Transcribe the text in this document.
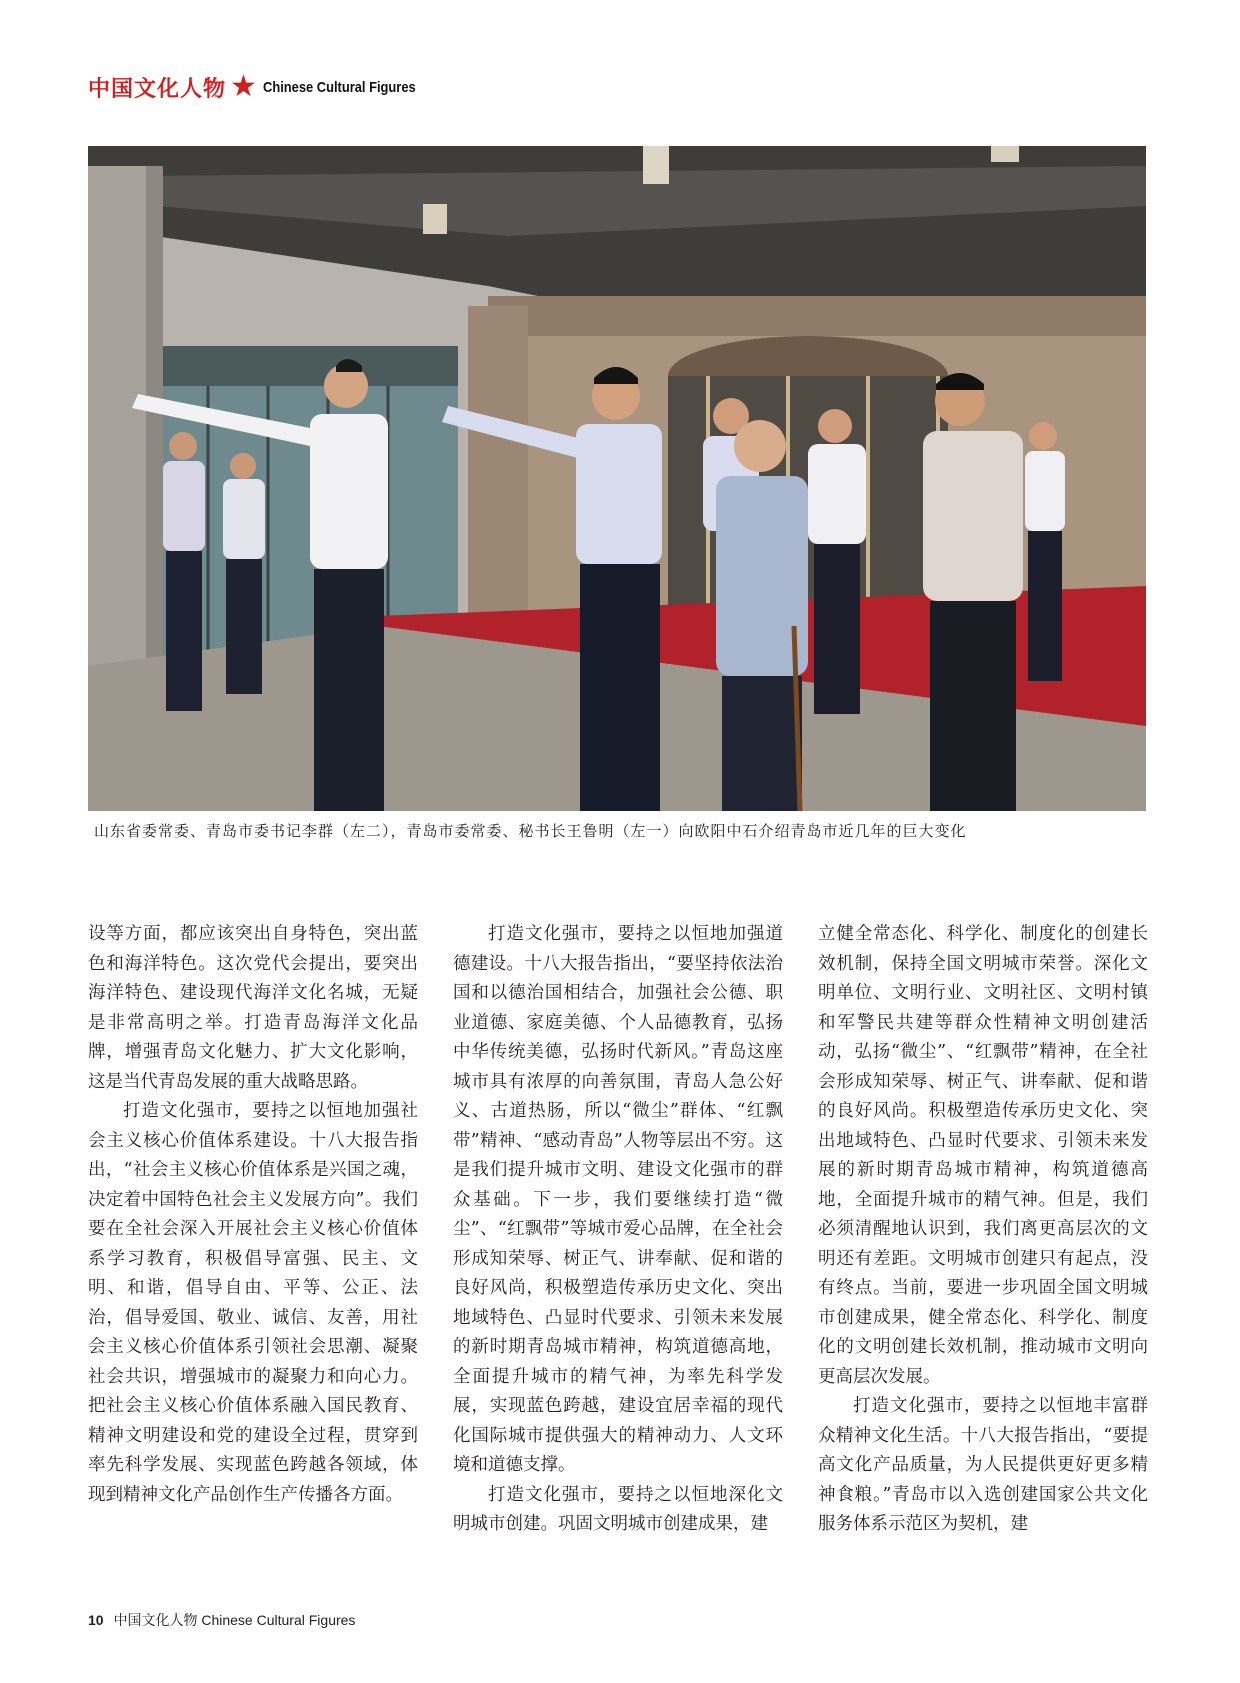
中国文化人物 ★ Chinese Cultural Figures
山东省委常委、青岛市委书记李群（左二），青岛市委常委、秘书长王鲁明（左一）向欧阳中石介绍青岛市近几年的巨大变化

设等方面，都应该突出自身特色，突出蓝色和海洋特色。这次党代会提出，要突出海洋特色、建设现代海洋文化名城，无疑是非常高明之举。打造青岛海洋文化品牌，增强青岛文化魅力、扩大文化影响，这是当代青岛发展的重大战略思路。

打造文化强市，要持之以恒地加强社会主义核心价值体系建设。十八大报告指出，“社会主义核心价值体系是兴国之魂，决定着中国特色社会主义发展方向”。我们要在全社会深入开展社会主义核心价值体系学习教育，积极倡导富强、民主、文明、和谐，倡导自由、平等、公正、法治，倡导爱国、敬业、诚信、友善，用社会主义核心价值体系引领社会思潮、凝聚社会共识，增强城市的凝聚力和向心力。把社会主义核心价值体系融入国民教育、精神文明建设和党的建设全过程，贯穿到率先科学发展、实现蓝色跨越各领域，体现到精神文化产品创作生产传播各方面。

打造文化强市，要持之以恒地加强道德建设。十八大报告指出，“要坚持依法治国和以德治国相结合，加强社会公德、职业道德、家庭美德、个人品德教育，弘扬中华传统美德，弘扬时代新风。”青岛这座城市具有浓厚的向善氛围，青岛人急公好义、古道热肠，所以“微尘”群体、“红飘带”精神、“感动青岛”人物等层出不穷。这是我们提升城市文明、建设文化强市的群众基础。下一步，我们要继续打造“微尘”、“红飘带”等城市爱心品牌，在全社会形成知荣辱、树正气、讲奉献、促和谐的良好风尚，积极塑造传承历史文化、突出地域特色、凸显时代要求、引领未来发展的新时期青岛城市精神，构筑道德高地，全面提升城市的精气神，为率先科学发展，实现蓝色跨越，建设宜居幸福的现代化国际城市提供强大的精神动力、人文环境和道德支撑。

打造文化强市，要持之以恒地深化文明城市创建。巩固文明城市创建成果，建

立健全常态化、科学化、制度化的创建长效机制，保持全国文明城市荣誉。深化文明单位、文明行业、文明社区、文明村镇和军警民共建等群众性精神文明创建活动，弘扬“微尘”、“红飘带”精神，在全社会形成知荣辱、树正气、讲奉献、促和谐的良好风尚。积极塑造传承历史文化、突出地域特色、凸显时代要求、引领未来发展的新时期青岛城市精神，构筑道德高地，全面提升城市的精气神。但是，我们必须清醒地认识到，我们离更高层次的文明还有差距。文明城市创建只有起点，没有终点。当前，要进一步巩固全国文明城市创建成果，健全常态化、科学化、制度化的文明创建长效机制，推动城市文明向更高层次发展。

打造文化强市，要持之以恒地丰富群众精神文化生活。十八大报告指出，“要提高文化产品质量，为人民提供更好更多精神食粮。”青岛市以入选创建国家公共文化服务体系示范区为契机，建

10 中国文化人物 Chinese Cultural Figures
